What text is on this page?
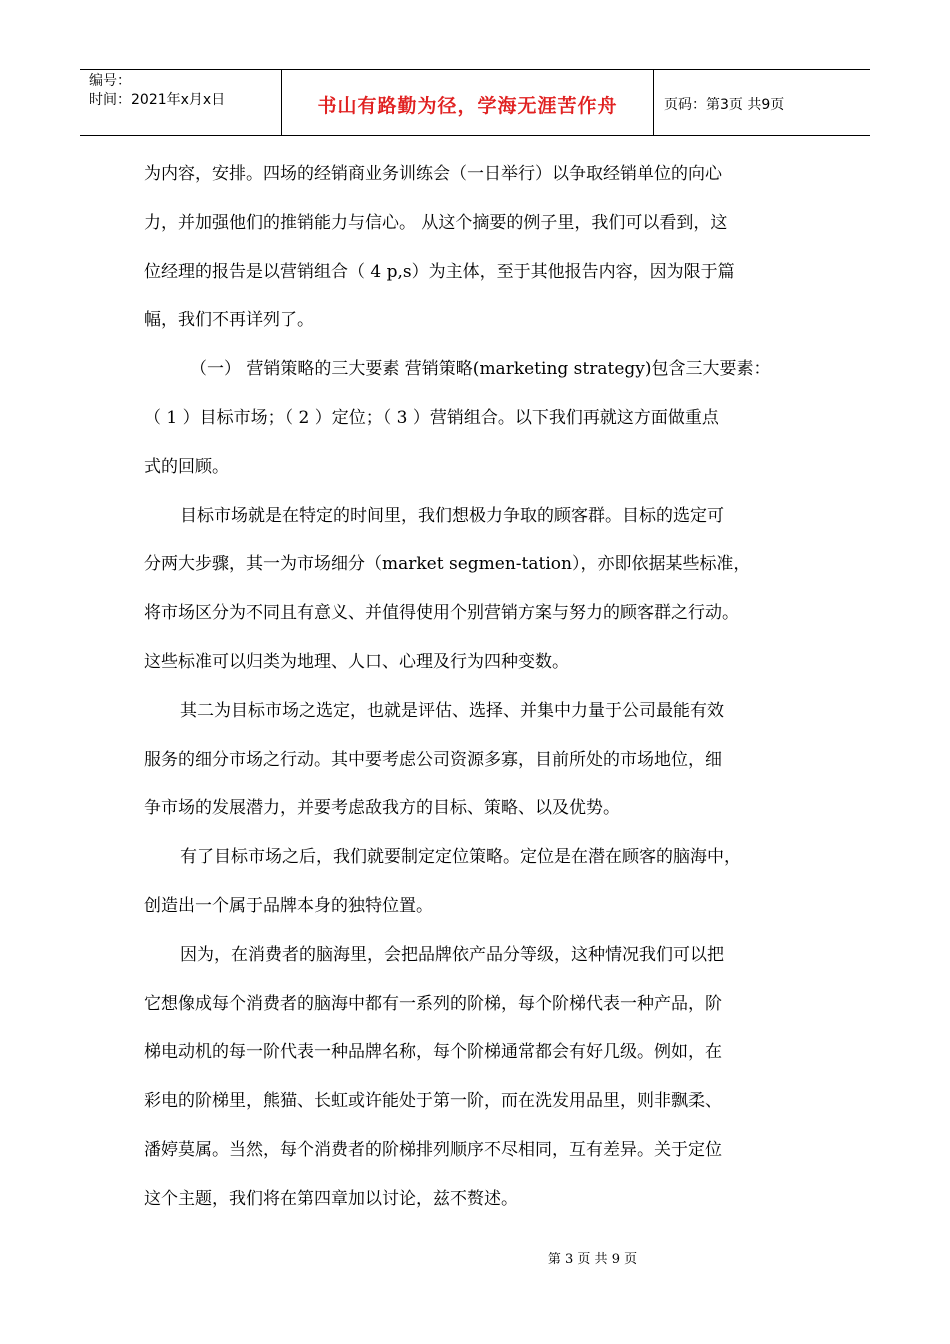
编号：
时间：2021年x月x日	书山有路勤为径，学海无涯苦作舟	页码：第3页 共9页

为内容，安排。四场的经销商业务训练会（一日举行）以争取经销单位的向心

力，并加强他们的推销能力与信心。 从这个摘要的例子里，我们可以看到，这

位经理的报告是以营销组合（ 4 p,s）为主体，至于其他报告内容，因为限于篇

幅，我们不再详列了。

（一） 营销策略的三大要素 营销策略(marketing strategy)包含三大要素：

（ 1 ）目标市场；（ 2 ）定位；（ 3 ）营销组合。以下我们再就这方面做重点

式的回顾。

目标市场就是在特定的时间里，我们想极力争取的顾客群。目标的选定可

分两大步骤，其一为市场细分（market segmen-tation），亦即依据某些标准，

将市场区分为不同且有意义、并值得使用个别营销方案与努力的顾客群之行动。

这些标准可以归类为地理、人口、心理及行为四种变数。

其二为目标市场之选定，也就是评估、选择、并集中力量于公司最能有效

服务的细分市场之行动。其中要考虑公司资源多寡，目前所处的市场地位，细

争市场的发展潜力，并要考虑敌我方的目标、策略、以及优势。

有了目标市场之后，我们就要制定定位策略。定位是在潜在顾客的脑海中，

创造出一个属于品牌本身的独特位置。

因为，在消费者的脑海里，会把品牌依产品分等级，这种情况我们可以把

它想像成每个消费者的脑海中都有一系列的阶梯，每个阶梯代表一种产品，阶

梯电动机的每一阶代表一种品牌名称，每个阶梯通常都会有好几级。例如，在

彩电的阶梯里，熊猫、长虹或许能处于第一阶，而在洗发用品里，则非飘柔、

潘婷莫属。当然，每个消费者的阶梯排列顺序不尽相同，互有差异。关于定位

这个主题，我们将在第四章加以讨论，兹不赘述。

第 3 页 共 9 页
